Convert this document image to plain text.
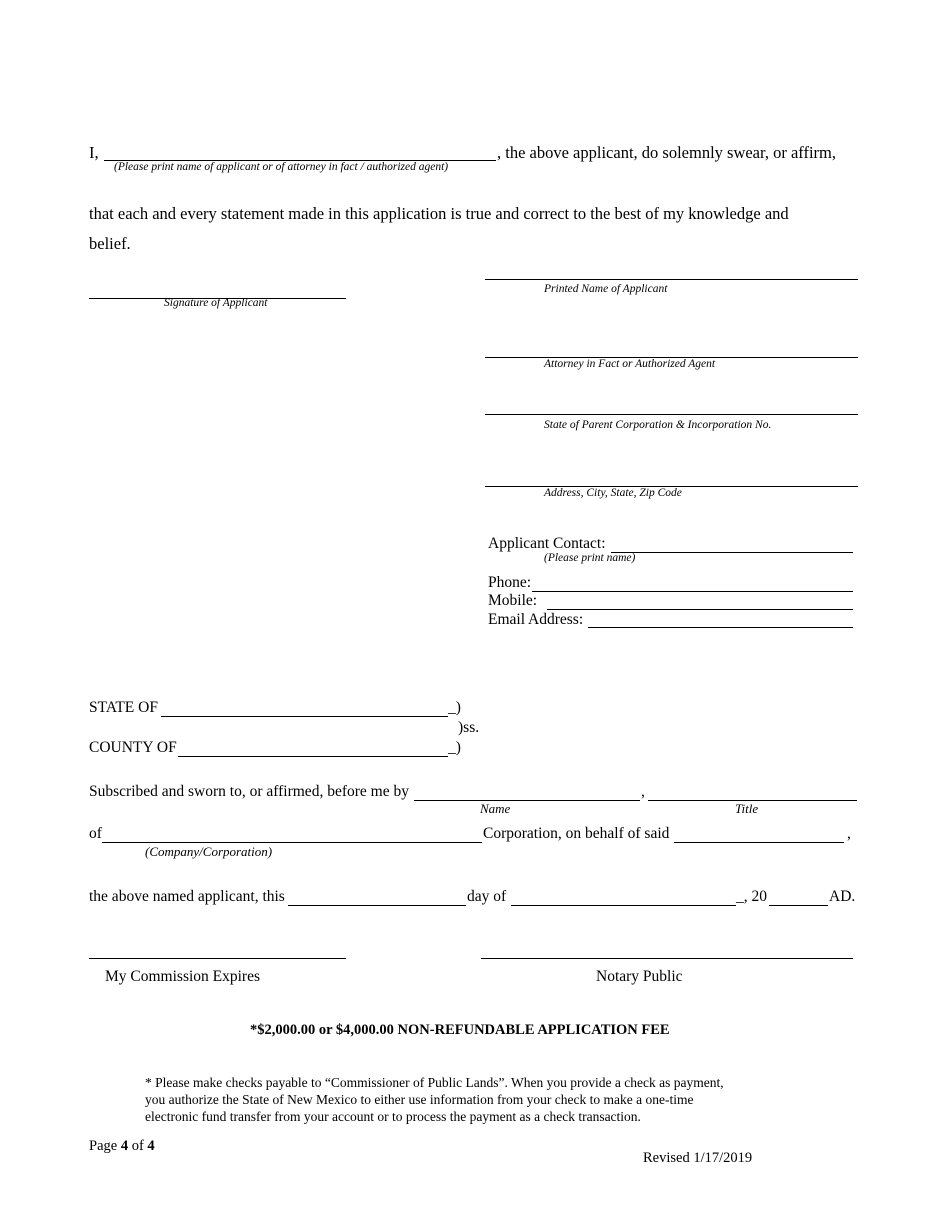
I,
(Please print name of applicant or of attorney in fact / authorized agent)
, the above applicant, do solemnly swear, or affirm,
that each and every statement made in this application is true and correct to the best of my knowledge and
belief.
Signature of Applicant
Printed Name of Applicant
Attorney in Fact or Authorized Agent
State of Parent Corporation & Incorporation No.
Address, City, State, Zip Code
Applicant Contact:
(Please print name)
Phone:
Mobile:
Email Address:
STATE OF	_)
)ss.
COUNTY OF	_)
Subscribed and sworn to, or affirmed, before me by	,
Name	Title
of	Corporation, on behalf of said	,
(Company/Corporation)
the above named applicant, this	day of	_, 20	AD.
My Commission Expires	Notary Public
*$2,000.00 or $4,000.00 NON-REFUNDABLE APPLICATION FEE
* Please make checks payable to “Commissioner of Public Lands”. When you provide a check as payment,
you authorize the State of New Mexico to either use information from your check to make a one-time
electronic fund transfer from your account or to process the payment as a check transaction.
Page 4 of 4
Revised 1/17/2019
